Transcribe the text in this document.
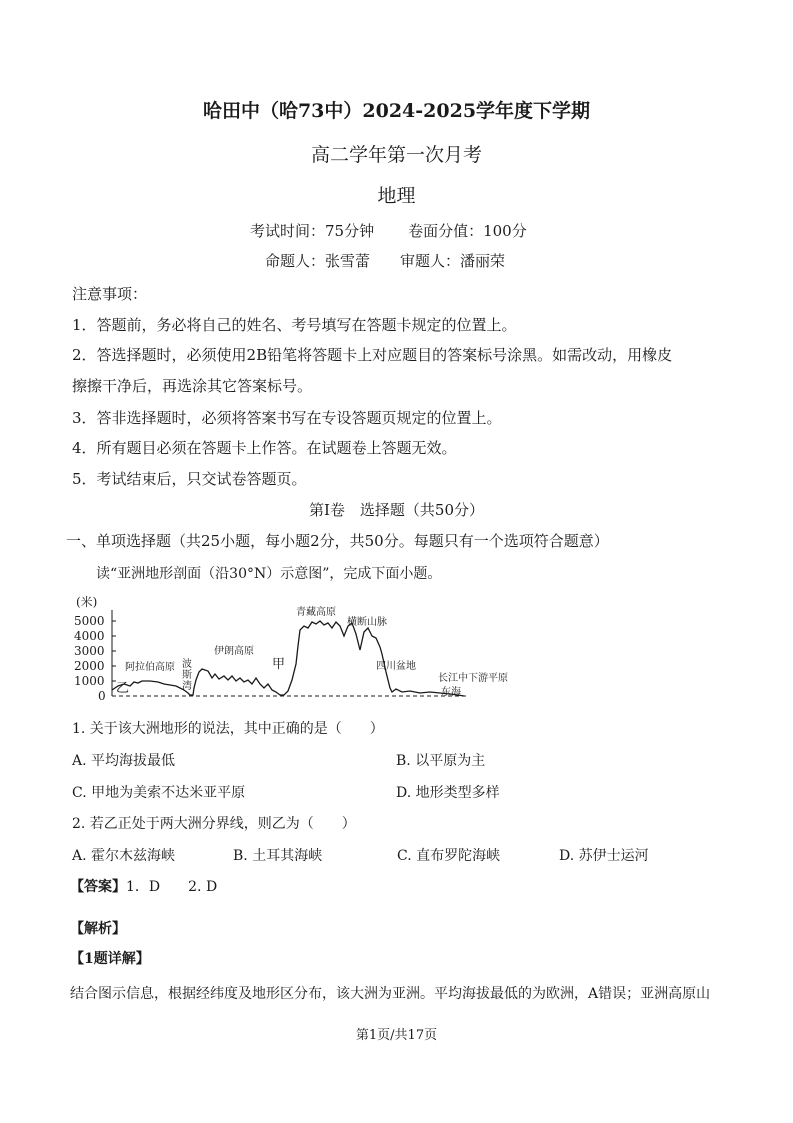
哈田中（哈73中）2024-2025学年度下学期
高二学年第一次月考
地理
考试时间：75分钟 卷面分值：100分
命题人：张雪蕾 审题人：潘丽荣
注意事项：
1．答题前，务必将自己的姓名、考号填写在答题卡规定的位置上。
2．答选择题时，必须使用2B铅笔将答题卡上对应题目的答案标号涂黑。如需改动，用橡皮
擦擦干净后，再选涂其它答案标号。
3．答非选择题时，必须将答案书写在专设答题页规定的位置上。
4．所有题目必须在答题卡上作答。在试题卷上答题无效。
5．考试结束后，只交试卷答题页。
第Ⅰ卷　选择题（共50分）
一、单项选择题（共25小题，每小题2分，共50分。每题只有一个选项符合题意）
读“亚洲地形剖面（沿30°N）示意图”，完成下面小题。
(米)
5000
4000
3000
2000
1000
0 乙
阿拉伯高原
伊朗高原
波
斯
湾
甲
青藏高原
横断山脉
四川盆地
长江中下游平原
东海
1. 关于该大洲地形的说法，其中正确的是（　　）
A. 平均海拔最低	B. 以平原为主
C. 甲地为美索不达米亚平原	D. 地形类型多样
2. 若乙正处于两大洲分界线，则乙为（　　）
A. 霍尔木兹海峡	B. 土耳其海峡	C. 直布罗陀海峡	D. 苏伊士运河
【答案】1．D 2. D
【解析】
【1题详解】
结合图示信息，根据经纬度及地形区分布，该大洲为亚洲。平均海拔最低的为欧洲，A错误；亚洲高原山
第1页/共17页
